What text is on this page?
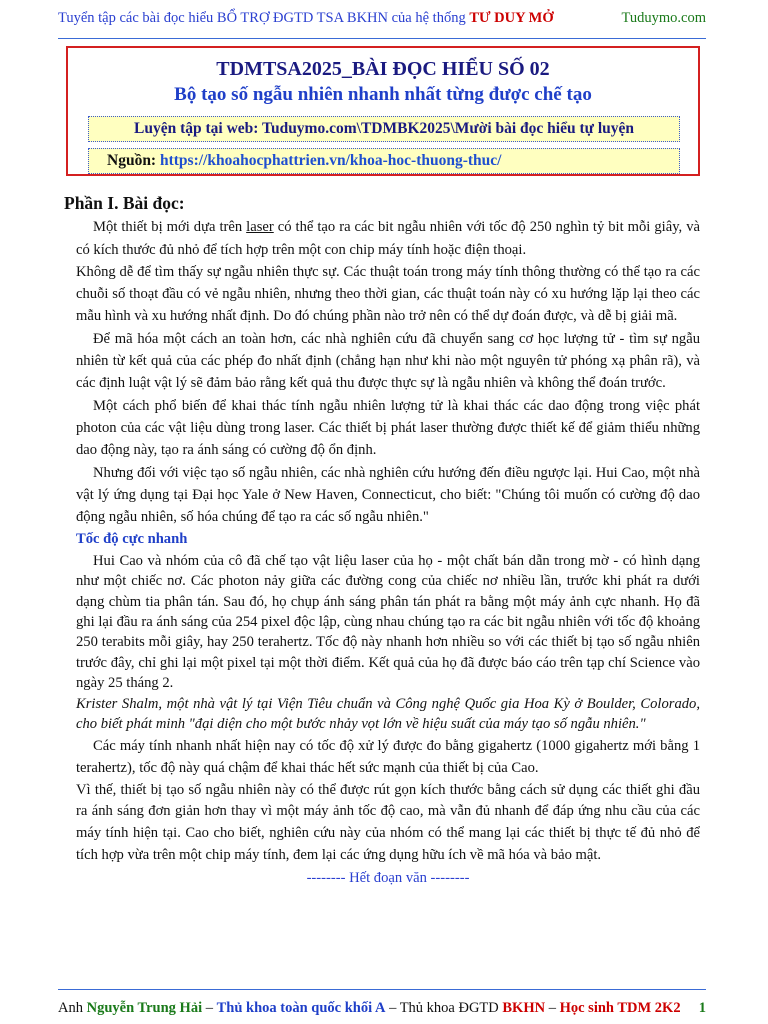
Tuyển tập các bài đọc hiểu BỔ TRỢ ĐGTD TSA BKHN của hệ thống TƯ DUY MỞ	Tuduymo.com
TDMTSA2025_BÀI ĐỌC HIỂU SỐ 02
Bộ tạo số ngẫu nhiên nhanh nhất từng được chế tạo
Luyện tập tại web: Tuduymo.com\TDMBK2025\Mười bài đọc hiểu tự luyện
Nguồn: https://khoahocphattrien.vn/khoa-hoc-thuong-thuc/
Phần I. Bài đọc:

Một thiết bị mới dựa trên laser có thể tạo ra các bit ngẫu nhiên với tốc độ 250 nghìn tỷ bit mỗi giây, và có kích thước đủ nhỏ để tích hợp trên một con chip máy tính hoặc điện thoại.

Không dễ để tìm thấy sự ngẫu nhiên thực sự. Các thuật toán trong máy tính thông thường có thể tạo ra các chuỗi số thoạt đầu có vẻ ngẫu nhiên, nhưng theo thời gian, các thuật toán này có xu hướng lặp lại theo các mẫu hình và xu hướng nhất định. Do đó chúng phần nào trở nên có thể dự đoán được, và dễ bị giải mã.

Để mã hóa một cách an toàn hơn, các nhà nghiên cứu đã chuyển sang cơ học lượng tử - tìm sự ngẫu nhiên từ kết quả của các phép đo nhất định (chẳng hạn như khi nào một nguyên tử phóng xạ phân rã), và các định luật vật lý sẽ đảm bảo rằng kết quả thu được thực sự là ngẫu nhiên và không thể đoán trước.

Một cách phổ biến để khai thác tính ngẫu nhiên lượng tử là khai thác các dao động trong việc phát photon của các vật liệu dùng trong laser. Các thiết bị phát laser thường được thiết kế để giảm thiểu những dao động này, tạo ra ánh sáng có cường độ ổn định.

Nhưng đối với việc tạo số ngẫu nhiên, các nhà nghiên cứu hướng đến điều ngược lại. Hui Cao, một nhà vật lý ứng dụng tại Đại học Yale ở New Haven, Connecticut, cho biết: "Chúng tôi muốn có cường độ dao động ngẫu nhiên, số hóa chúng để tạo ra các số ngẫu nhiên."

Tốc độ cực nhanh

Hui Cao và nhóm của cô đã chế tạo vật liệu laser của họ - một chất bán dẫn trong mờ - có hình dạng như một chiếc nơ. Các photon nảy giữa các đường cong của chiếc nơ nhiều lần, trước khi phát ra dưới dạng chùm tia phân tán. Sau đó, họ chụp ánh sáng phân tán phát ra bằng một máy ảnh cực nhanh. Họ đã ghi lại đầu ra ánh sáng của 254 pixel độc lập, cùng nhau chúng tạo ra các bit ngẫu nhiên với tốc độ khoảng 250 terabits mỗi giây, hay 250 terahertz. Tốc độ này nhanh hơn nhiều so với các thiết bị tạo số ngẫu nhiên trước đây, chỉ ghi lại một pixel tại một thời điểm. Kết quả của họ đã được báo cáo trên tạp chí Science vào ngày 25 tháng 2.

Krister Shalm, một nhà vật lý tại Viện Tiêu chuẩn và Công nghệ Quốc gia Hoa Kỳ ở Boulder, Colorado, cho biết phát minh "đại diện cho một bước nhảy vọt lớn về hiệu suất của máy tạo số ngẫu nhiên."

Các máy tính nhanh nhất hiện nay có tốc độ xử lý được đo bằng gigahertz (1000 gigahertz mới bằng 1 terahertz), tốc độ này quá chậm để khai thác hết sức mạnh của thiết bị của Cao.

Vì thế, thiết bị tạo số ngẫu nhiên này có thể được rút gọn kích thước bằng cách sử dụng các thiết ghi đầu ra ánh sáng đơn giản hơn thay vì một máy ảnh tốc độ cao, mà vẫn đủ nhanh để đáp ứng nhu cầu của các máy tính hiện tại. Cao cho biết, nghiên cứu này của nhóm có thể mang lại các thiết bị thực tế đủ nhỏ để tích hợp vừa trên một chip máy tính, đem lại các ứng dụng hữu ích về mã hóa và bảo mật.

-------- Hết đoạn văn --------

Anh Nguyễn Trung Hải – Thủ khoa toàn quốc khối A – Thủ khoa ĐGTD BKHN – Học sinh TDM 2K2 1
